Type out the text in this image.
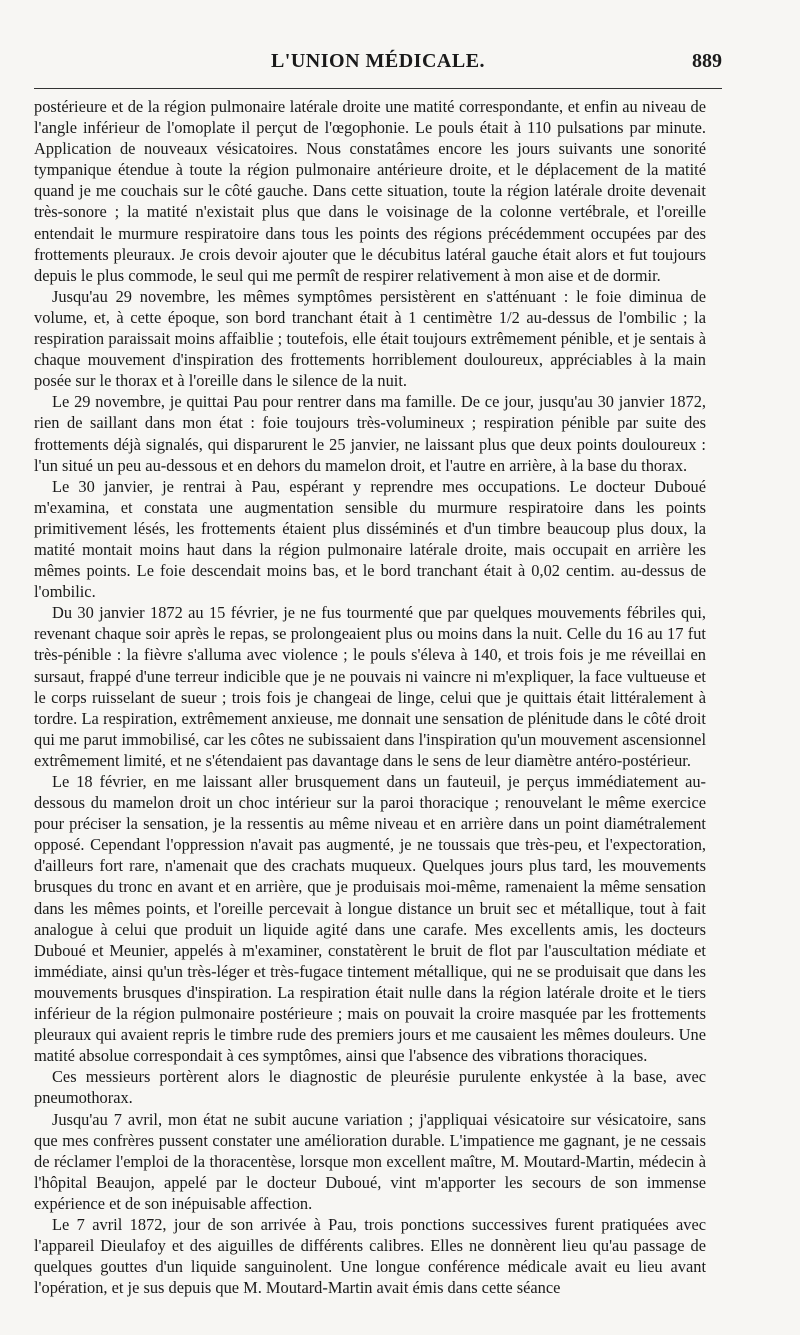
L'UNION MÉDICALE.	889

postérieure et de la région pulmonaire latérale droite une matité correspondante, et enfin au niveau de l'angle inférieur de l'omoplate il perçut de l'œgophonie. Le pouls était à 110 pulsations par minute. Application de nouveaux vésicatoires. Nous constatâmes encore les jours suivants une sonorité tympanique étendue à toute la région pulmonaire antérieure droite, et le déplacement de la matité quand je me couchais sur le côté gauche. Dans cette situation, toute la région latérale droite devenait très-sonore ; la matité n'existait plus que dans le voisinage de la colonne vertébrale, et l'oreille entendait le murmure respiratoire dans tous les points des régions précédemment occupées par des frottements pleuraux. Je crois devoir ajouter que le décubitus latéral gauche était alors et fut toujours depuis le plus commode, le seul qui me permît de respirer relativement à mon aise et de dormir.

Jusqu'au 29 novembre, les mêmes symptômes persistèrent en s'atténuant : le foie diminua de volume, et, à cette époque, son bord tranchant était à 1 centimètre 1/2 au-dessus de l'ombilic ; la respiration paraissait moins affaiblie ; toutefois, elle était toujours extrêmement pénible, et je sentais à chaque mouvement d'inspiration des frottements horriblement douloureux, appréciables à la main posée sur le thorax et à l'oreille dans le silence de la nuit.

Le 29 novembre, je quittai Pau pour rentrer dans ma famille. De ce jour, jusqu'au 30 janvier 1872, rien de saillant dans mon état : foie toujours très-volumineux ; respiration pénible par suite des frottements déjà signalés, qui disparurent le 25 janvier, ne laissant plus que deux points douloureux : l'un situé un peu au-dessous et en dehors du mamelon droit, et l'autre en arrière, à la base du thorax.

Le 30 janvier, je rentrai à Pau, espérant y reprendre mes occupations. Le docteur Duboué m'examina, et constata une augmentation sensible du murmure respiratoire dans les points primitivement lésés, les frottements étaient plus disséminés et d'un timbre beaucoup plus doux, la matité montait moins haut dans la région pulmonaire latérale droite, mais occupait en arrière les mêmes points. Le foie descendait moins bas, et le bord tranchant était à 0,02 centim. au-dessus de l'ombilic.

Du 30 janvier 1872 au 15 février, je ne fus tourmenté que par quelques mouvements fébriles qui, revenant chaque soir après le repas, se prolongeaient plus ou moins dans la nuit. Celle du 16 au 17 fut très-pénible : la fièvre s'alluma avec violence ; le pouls s'éleva à 140, et trois fois je me réveillai en sursaut, frappé d'une terreur indicible que je ne pouvais ni vaincre ni m'expliquer, la face vultueuse et le corps ruisselant de sueur ; trois fois je changeai de linge, celui que je quittais était littéralement à tordre. La respiration, extrêmement anxieuse, me donnait une sensation de plénitude dans le côté droit qui me parut immobilisé, car les côtes ne subissaient dans l'inspiration qu'un mouvement ascensionnel extrêmement limité, et ne s'étendaient pas davantage dans le sens de leur diamètre antéro-postérieur.

Le 18 février, en me laissant aller brusquement dans un fauteuil, je perçus immédiatement au-dessous du mamelon droit un choc intérieur sur la paroi thoracique ; renouvelant le même exercice pour préciser la sensation, je la ressentis au même niveau et en arrière dans un point diamétralement opposé. Cependant l'oppression n'avait pas augmenté, je ne toussais que très-peu, et l'expectoration, d'ailleurs fort rare, n'amenait que des crachats muqueux. Quelques jours plus tard, les mouvements brusques du tronc en avant et en arrière, que je produisais moi-même, ramenaient la même sensation dans les mêmes points, et l'oreille percevait à longue distance un bruit sec et métallique, tout à fait analogue à celui que produit un liquide agité dans une carafe. Mes excellents amis, les docteurs Duboué et Meunier, appelés à m'examiner, constatèrent le bruit de flot par l'auscultation médiate et immédiate, ainsi qu'un très-léger et très-fugace tintement métallique, qui ne se produisait que dans les mouvements brusques d'inspiration. La respiration était nulle dans la région latérale droite et le tiers inférieur de la région pulmonaire postérieure ; mais on pouvait la croire masquée par les frottements pleuraux qui avaient repris le timbre rude des premiers jours et me causaient les mêmes douleurs. Une matité absolue correspondait à ces symptômes, ainsi que l'absence des vibrations thoraciques.

Ces messieurs portèrent alors le diagnostic de pleurésie purulente enkystée à la base, avec pneumothorax.

Jusqu'au 7 avril, mon état ne subit aucune variation ; j'appliquai vésicatoire sur vésicatoire, sans que mes confrères pussent constater une amélioration durable. L'impatience me gagnant, je ne cessais de réclamer l'emploi de la thoracentèse, lorsque mon excellent maître, M. Moutard-Martin, médecin à l'hôpital Beaujon, appelé par le docteur Duboué, vint m'apporter les secours de son immense expérience et de son inépuisable affection.

Le 7 avril 1872, jour de son arrivée à Pau, trois ponctions successives furent pratiquées avec l'appareil Dieulafoy et des aiguilles de différents calibres. Elles ne donnèrent lieu qu'au passage de quelques gouttes d'un liquide sanguinolent. Une longue conférence médicale avait eu lieu avant l'opération, et je sus depuis que M. Moutard-Martin avait émis dans cette séance
